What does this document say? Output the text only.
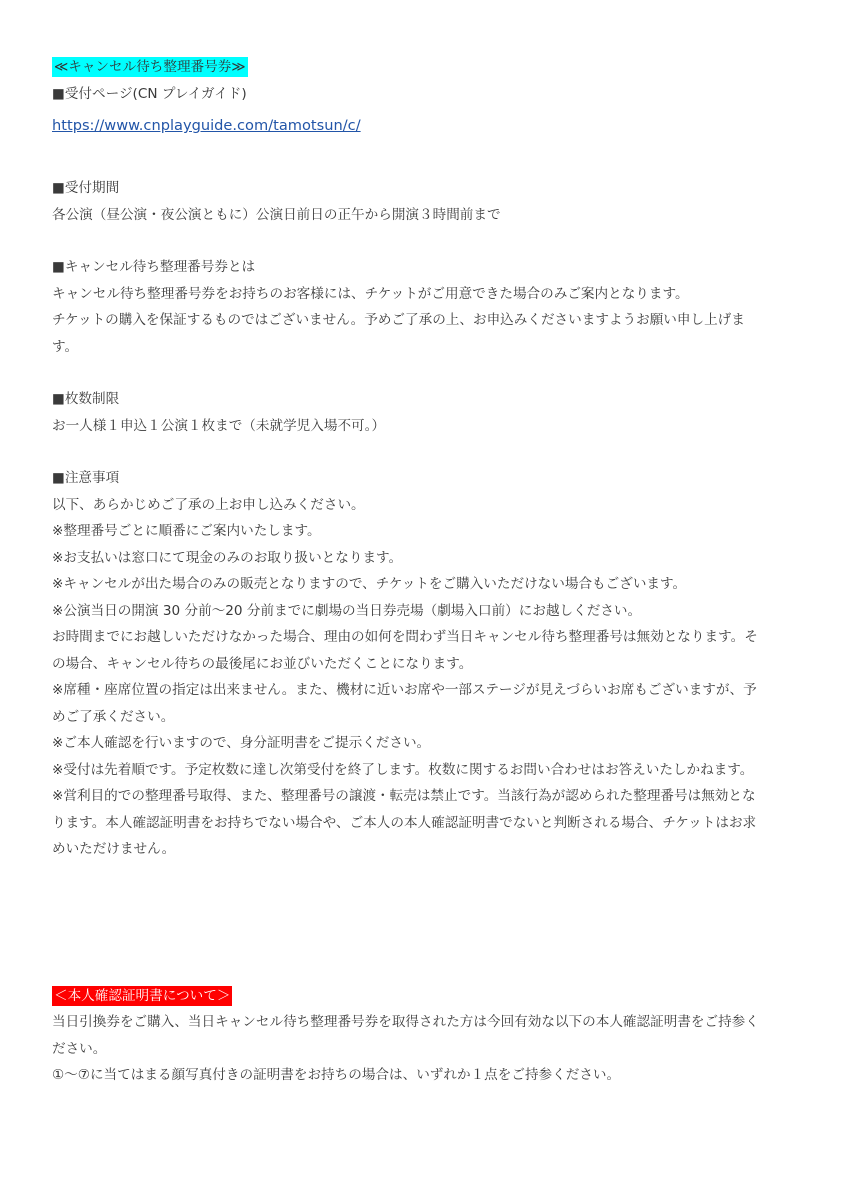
≪キャンセル待ち整理番号券≫
■受付ページ(CN プレイガイド)
https://www.cnplayguide.com/tamotsun/c/
■受付期間
各公演（昼公演・夜公演ともに）公演日前日の正午から開演３時間前まで
■キャンセル待ち整理番号券とは
キャンセル待ち整理番号券をお持ちのお客様には、チケットがご用意できた場合のみご案内となります。
チケットの購入を保証するものではございません。予めご了承の上、お申込みくださいますようお願い申し上げま
す。
■枚数制限
お一人様１申込１公演１枚まで（未就学児入場不可。）
■注意事項
以下、あらかじめご了承の上お申し込みください。
※整理番号ごとに順番にご案内いたします。
※お支払いは窓口にて現金のみのお取り扱いとなります。
※キャンセルが出た場合のみの販売となりますので、チケットをご購入いただけない場合もございます。
※公演当日の開演 30 分前〜20 分前までに劇場の当日券売場（劇場入口前）にお越しください。
お時間までにお越しいただけなかった場合、理由の如何を問わず当日キャンセル待ち整理番号は無効となります。そ
の場合、キャンセル待ちの最後尾にお並びいただくことになります。
※席種・座席位置の指定は出来ません。また、機材に近いお席や一部ステージが見えづらいお席もございますが、予
めご了承ください。
※ご本人確認を行いますので、身分証明書をご提示ください。
※受付は先着順です。予定枚数に達し次第受付を終了します。枚数に関するお問い合わせはお答えいたしかねます。
※営利目的での整理番号取得、また、整理番号の譲渡・転売は禁止です。当該行為が認められた整理番号は無効とな
ります。本人確認証明書をお持ちでない場合や、ご本人の本人確認証明書でないと判断される場合、チケットはお求
めいただけません。
＜本人確認証明書について＞
当日引換券をご購入、当日キャンセル待ち整理番号券を取得された方は今回有効な以下の本人確認証明書をご持参く
ださい。
①〜⑦に当てはまる顔写真付きの証明書をお持ちの場合は、いずれか１点をご持参ください。
